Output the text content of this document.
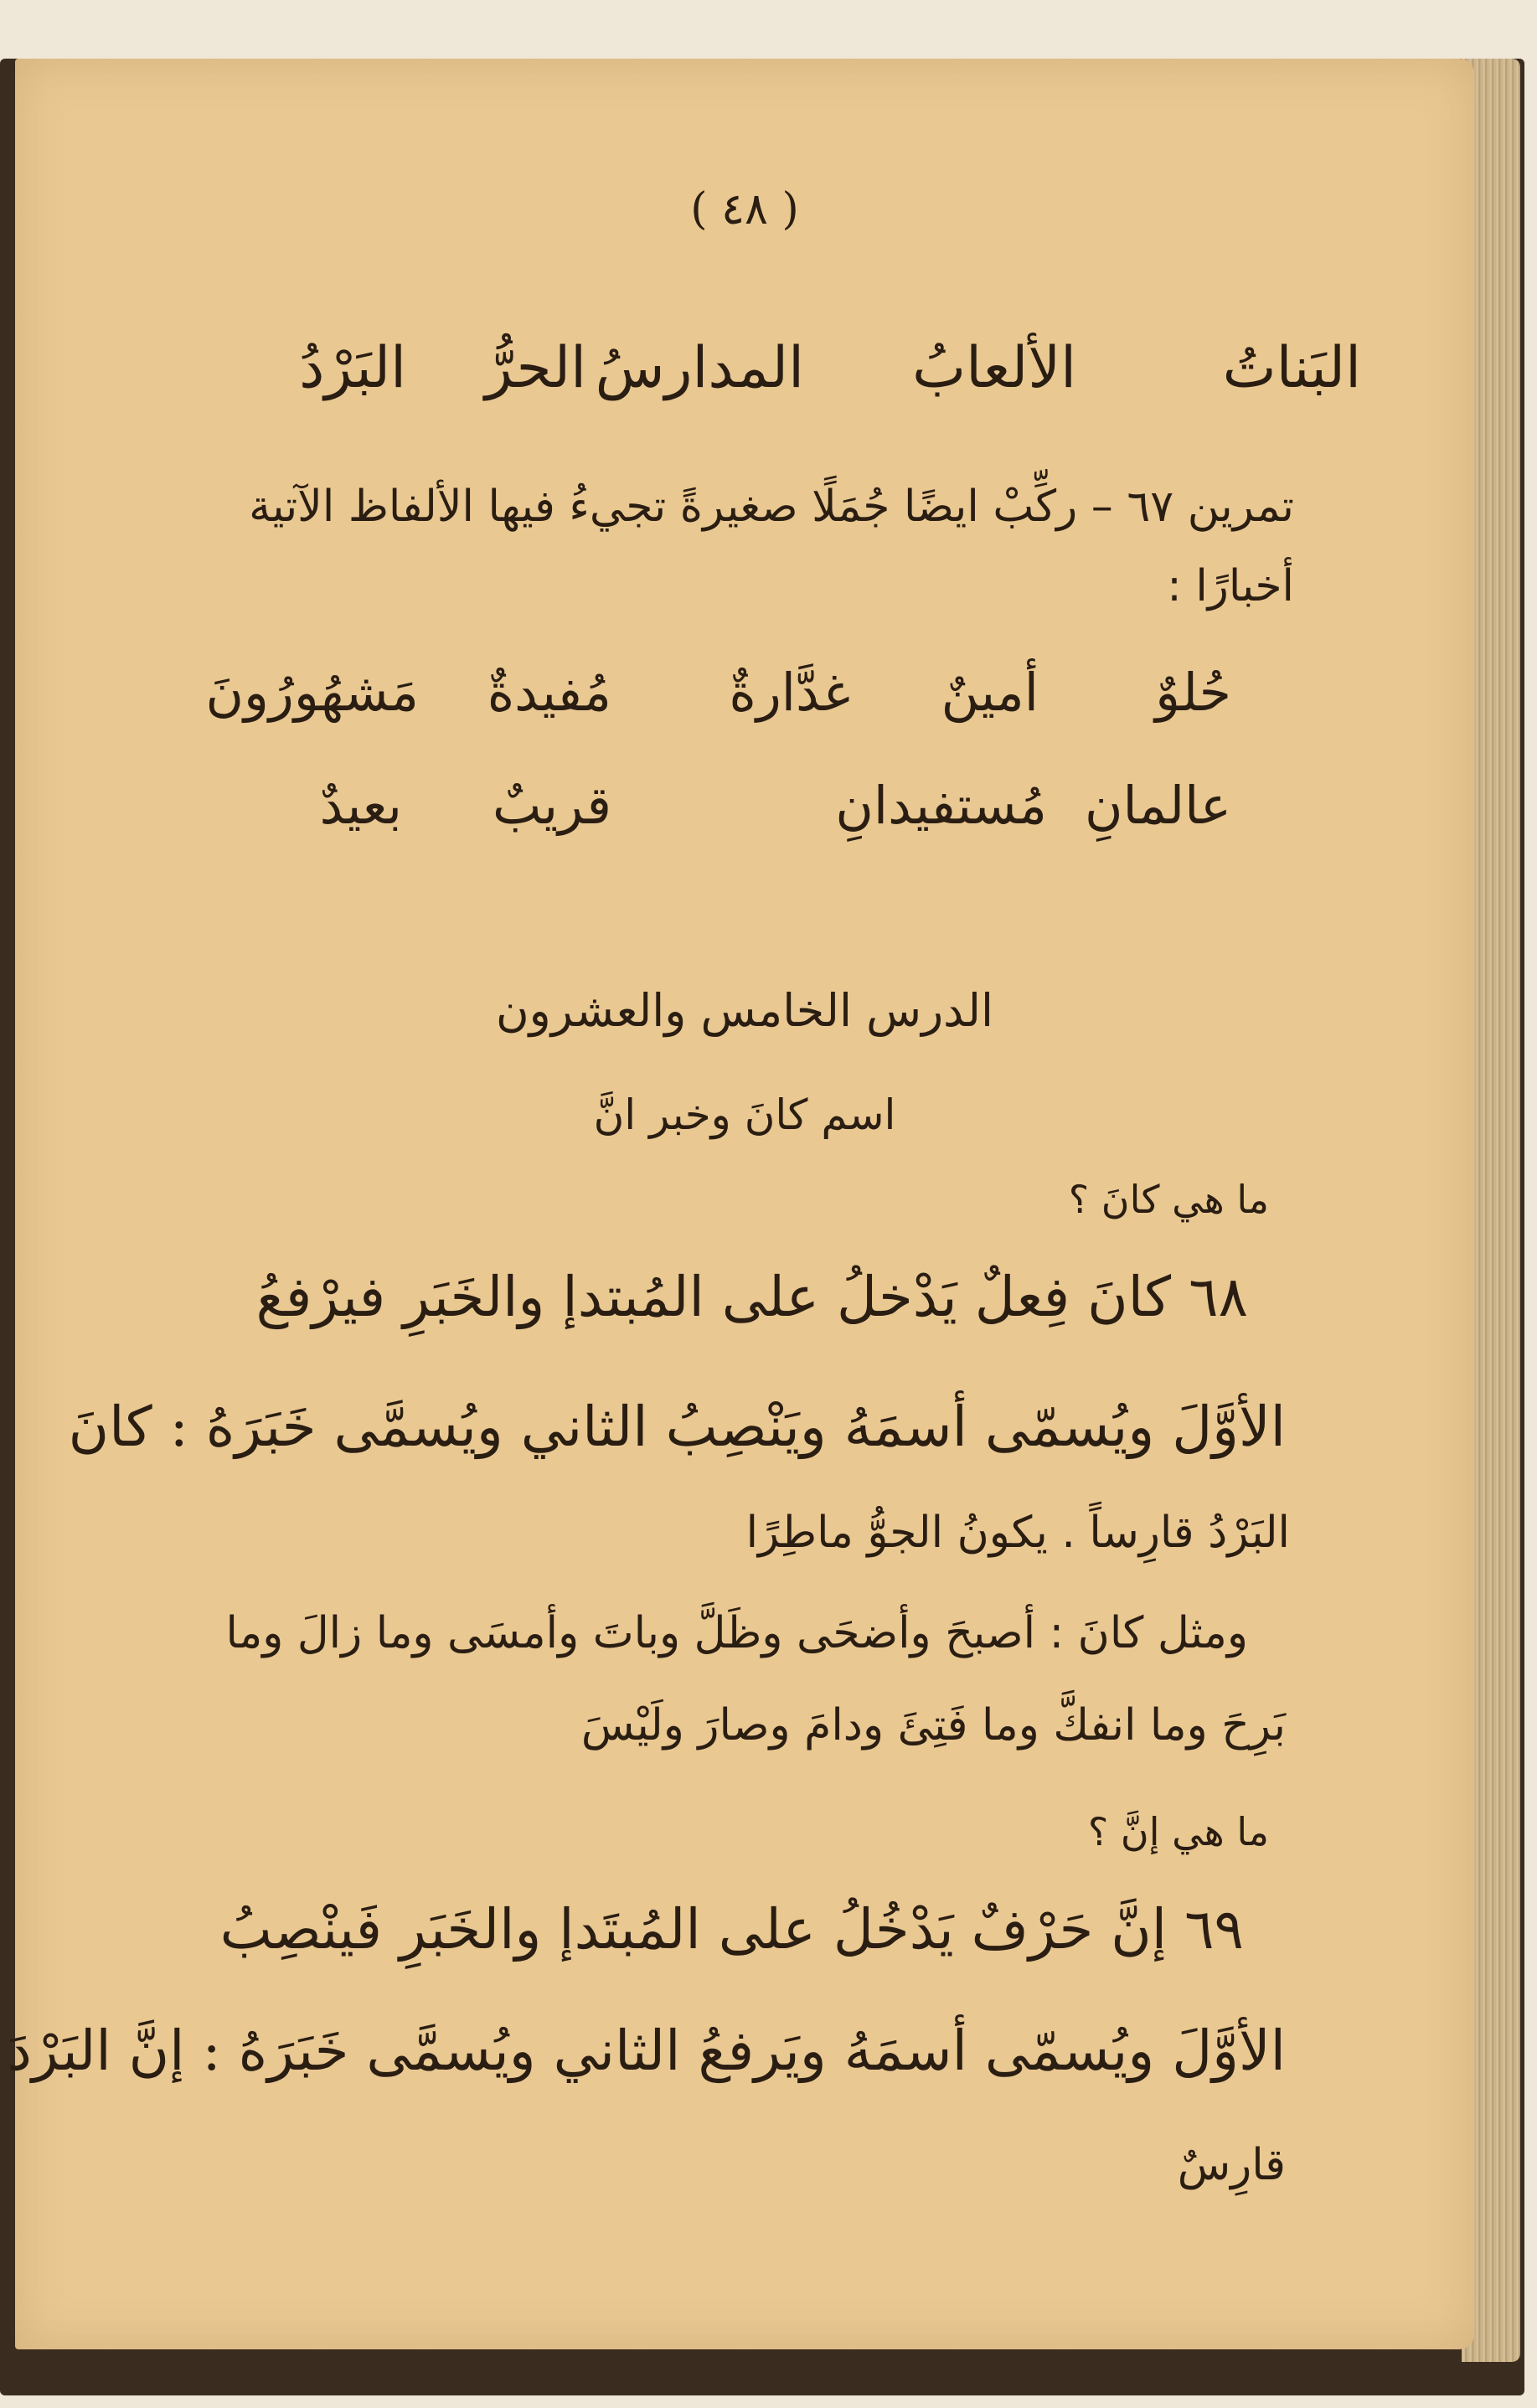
( ٤٨ )
البَناتُ
الألعابُ
المدارسُ
الحرُّ
البَرْدُ
تمرين ٦٧ – ركِّبْ ايضًا جُمَلًا صغيرةً تجيءُ فيها الألفاظ الآتية
أخبارًا :
حُلوٌ
أمينٌ
غدَّارةٌ
مُفيدةٌ
مَشهُورُونَ
عالمانِ
مُستفيدانِ
قريبٌ
بعيدٌ
الدرس الخامس والعشرون
اسم كانَ وخبر انَّ
ما هي كانَ ؟
٦٨ كانَ فِعلٌ يَدْخلُ على المُبتدإ والخَبَرِ فيرْفعُ
الأوَّلَ ويُسمّى أسمَهُ ويَنْصِبُ الثاني ويُسمَّى خَبَرَهُ : كانَ
البَرْدُ قارِساً . يكونُ الجوُّ ماطِرًا
ومثل كانَ : أصبحَ وأضحَى وظَلَّ وباتَ وأمسَى وما زالَ وما
بَرِحَ وما انفكَّ وما فَتِئَ ودامَ وصارَ ولَيْسَ
ما هي إنَّ ؟
٦٩ إنَّ حَرْفٌ يَدْخُلُ على المُبتَدإ والخَبَرِ فَينْصِبُ
الأوَّلَ ويُسمّى أسمَهُ ويَرفعُ الثاني ويُسمَّى خَبَرَهُ : إنَّ البَرْدَ
قارِسٌ
